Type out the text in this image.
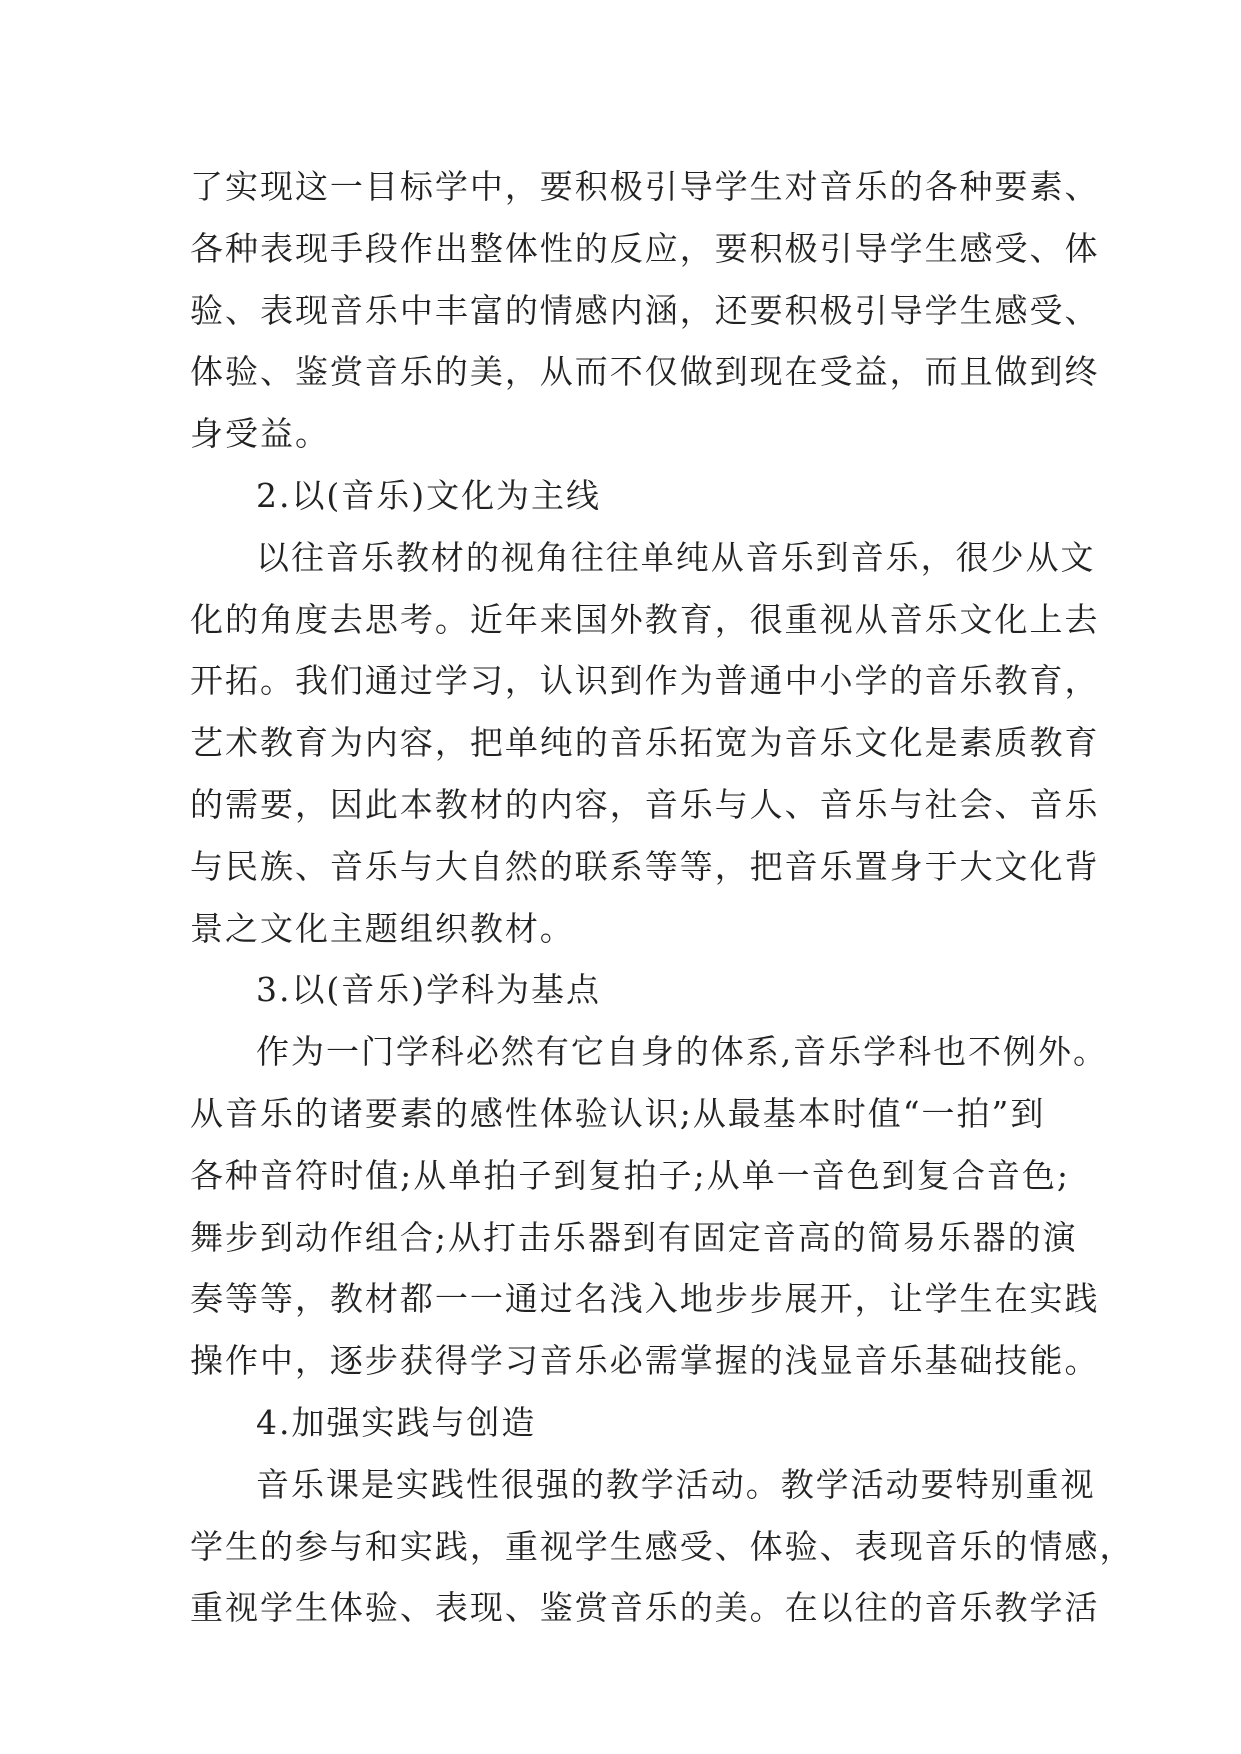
了实现这一目标学中，要积极引导学生对音乐的各种要素、
各种表现手段作出整体性的反应，要积极引导学生感受、体
验、表现音乐中丰富的情感内涵，还要积极引导学生感受、
体验、鉴赏音乐的美，从而不仅做到现在受益，而且做到终
身受益。
2.以(音乐)文化为主线
以往音乐教材的视角往往单纯从音乐到音乐，很少从文
化的角度去思考。近年来国外教育，很重视从音乐文化上去
开拓。我们通过学习，认识到作为普通中小学的音乐教育，
艺术教育为内容，把单纯的音乐拓宽为音乐文化是素质教育
的需要，因此本教材的内容，音乐与人、音乐与社会、音乐
与民族、音乐与大自然的联系等等，把音乐置身于大文化背
景之文化主题组织教材。
3.以(音乐)学科为基点
作为一门学科必然有它自身的体系,音乐学科也不例外。
从音乐的诸要素的感性体验认识;从最基本时值“一拍”到
各种音符时值;从单拍子到复拍子;从单一音色到复合音色;
舞步到动作组合;从打击乐器到有固定音高的简易乐器的演
奏等等，教材都一一通过名浅入地步步展开，让学生在实践
操作中，逐步获得学习音乐必需掌握的浅显音乐基础技能。
4.加强实践与创造
音乐课是实践性很强的教学活动。教学活动要特别重视
学生的参与和实践，重视学生感受、体验、表现音乐的情感，
重视学生体验、表现、鉴赏音乐的美。在以往的音乐教学活
